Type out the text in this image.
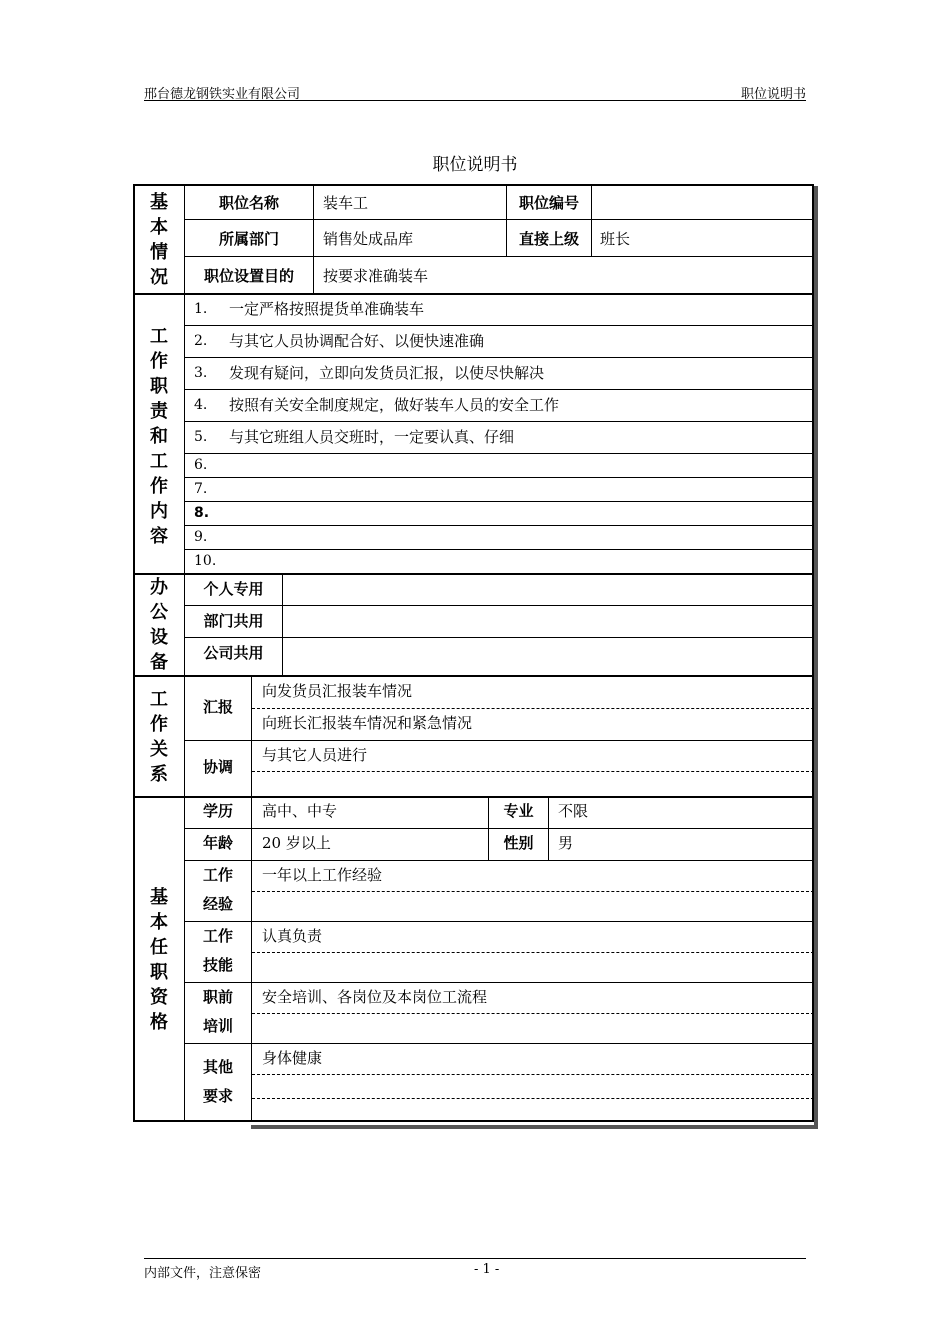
邢台德龙钢铁实业有限公司	职位说明书
职位说明书
基
本
情
况
职位名称	装车工	职位编号
所属部门	销售处成品库	直接上级	班长
职位设置目的	按要求准确装车
工
作
职
责
和
工
作
内
容
1. 一定严格按照提货单准确装车
2. 与其它人员协调配合好、以便快速准确
3. 发现有疑问，立即向发货员汇报，以使尽快解决
4. 按照有关安全制度规定，做好装车人员的安全工作
5. 与其它班组人员交班时，一定要认真、仔细
6.
7.
8.
9.
10.
办
公
设
备
个人专用
部门共用
公司共用
工
作
关
系
汇报
向发货员汇报装车情况
向班长汇报装车情况和紧急情况
协调
与其它人员进行
基
本
任
职
资
格
学历	高中、中专	专业	不限
年龄	20 岁以上	性别	男
工作
经验
一年以上工作经验
工作
技能
认真负责
职前
培训
安全培训、各岗位及本岗位工流程
其他
要求
身体健康
内部文件，注意保密	- 1 -
